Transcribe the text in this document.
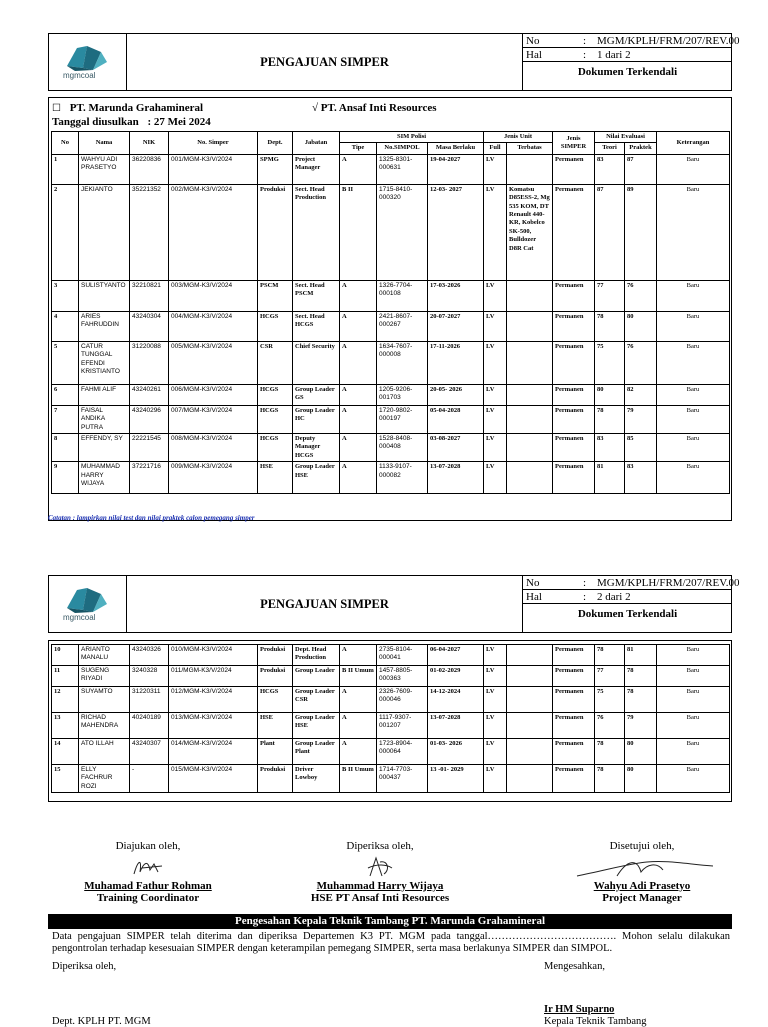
mgmcoal
PENGAJUAN SIMPER
No	: MGM/KPLH/FRM/207/REV.00
Hal	: 1 dari 2
Dokumen Terkendali
☐ PT. Marunda Grahamineral	√ PT. Ansaf Inti Resources
Tanggal diusulkan : 27 Mei 2024
No	Nama	NIK	No. Simper	Dept.	Jabatan	SIM Polisi			Jenis Unit		Jenis SIMPER	Nilai Evaluasi		Keterangan
						Tipe	No.SIMPOL	Masa Berlaku	Full	Terbatas		Teori	Praktek	
1	WAHYU ADI PRASETYO	36220836	001/MGM-K3/V/2024	SPMG	Project Manager	A	1325-8301-000631	19-04-2027	LV		Permanen	83	87	Baru
2	JEKIANTO	35221352	002/MGM-K3/V/2024	Produksi	Sect. Head Production	B II	1715-8410-000320	12-03- 2027	LV	Komatsu D85ESS-2, Mg 535 KOM, DT Renault 440-KR, Kobelco SK-500, Bulldozer D8R Cat	Permanen	87	89	Baru
3	SULISTYANTO	32210821	003/MGM-K3/V/2024	PSCM	Sect. Head PSCM	A	1326-7704-000108	17-03-2026	LV		Permanen	77	76	Baru
4	ARIES FAHRUDDIN	43240304	004/MGM-K3/V/2024	HCGS	Sect. Head HCGS	A	2421-8607-000267	20-07-2027	LV		Permanen	78	80	Baru
5	CATUR TUNGGAL EFENDI KRISTIANTO	31220088	005/MGM-K3/V/2024	CSR	Chief Security	A	1634-7607-000008	17-11-2026	LV		Permanen	75	76	Baru
6	FAHMI ALIF	43240261	006/MGM-K3/V/2024	HCGS	Group Leader GS	A	1205-9206-001703	20-05- 2026	LV		Permanen	80	82	Baru
7	FAISAL ANDIKA PUTRA	43240296	007/MGM-K3/V/2024	HCGS	Group Leader HC	A	1720-9802-000197	05-04-2028	LV		Permanen	78	79	Baru
8	EFFENDY, SY	22221545	008/MGM-K3/V/2024	HCGS	Deputy Manager HCGS	A	1528-8408-000408	03-08-2027	LV		Permanen	83	85	Baru
9	MUHAMMAD HARRY WIJAYA	37221716	009/MGM-K3/V/2024	HSE	Group Leader HSE	A	1133-9107-000082	13-07-2028	LV		Permanen	81	83	Baru
Catatan : lampirkan nilai test dan nilai praktek calon pemegang simper
mgmcoal
PENGAJUAN SIMPER
No	: MGM/KPLH/FRM/207/REV.00
Hal	: 2 dari 2
Dokumen Terkendali
10	ARIANTO MANALU	43240326	010/MGM-K3/V/2024	Produksi	Dept. Head Production	A	2735-8104-000041	06-04-2027	LV		Permanen	78	81	Baru
11	SUGENG RIYADI	3240328	011/MGM-K3/V/2024	Produksi	Group Leader	B II Umum	1457-8805-000363	01-02-2029	LV		Permanen	77	78	Baru
12	SUYAMTO	31220311	012/MGM-K3/V/2024	HCGS	Group Leader CSR	A	2326-7609-000046	14-12-2024	LV		Permanen	75	78	Baru
13	RICHAD MAHENDRA	40240189	013/MGM-K3/V/2024	HSE	Group Leader HSE	A	1117-9307-001207	13-07-2028	LV		Permanen	76	79	Baru
14	ATO ILLAH	43240307	014/MGM-K3/V/2024	Plant	Group Leader Plant	A	1723-8904-000064	01-03- 2026	LV		Permanen	78	80	Baru
15	ELLY FACHRUR ROZI	-	015/MGM-K3/V/2024	Produksi	Driver Lowboy	B II Umum	1714-7703-000437	13 -01- 2029	LV		Permanen	78	80	Baru
Diajukan oleh,
Muhamad Fathur Rohman
Training Coordinator
Diperiksa oleh,
Muhammad Harry Wijaya
HSE PT Ansaf Inti Resources
Disetujui oleh,
Wahyu Adi Prasetyo
Project Manager
Pengesahan Kepala Teknik Tambang PT. Marunda Grahamineral
Data pengajuan SIMPER telah diterima dan diperiksa Departemen K3 PT. MGM pada tanggal………………………………. Mohon selalu dilakukan pengontrolan terhadap kesesuaian SIMPER dengan keterampilan pemegang SIMPER, serta masa berlakunya SIMPER dan SIMPOL.
Diperiksa oleh,	Mengesahkan,
Ir HM Suparno
Kepala Teknik Tambang
Dept. KPLH PT. MGM
